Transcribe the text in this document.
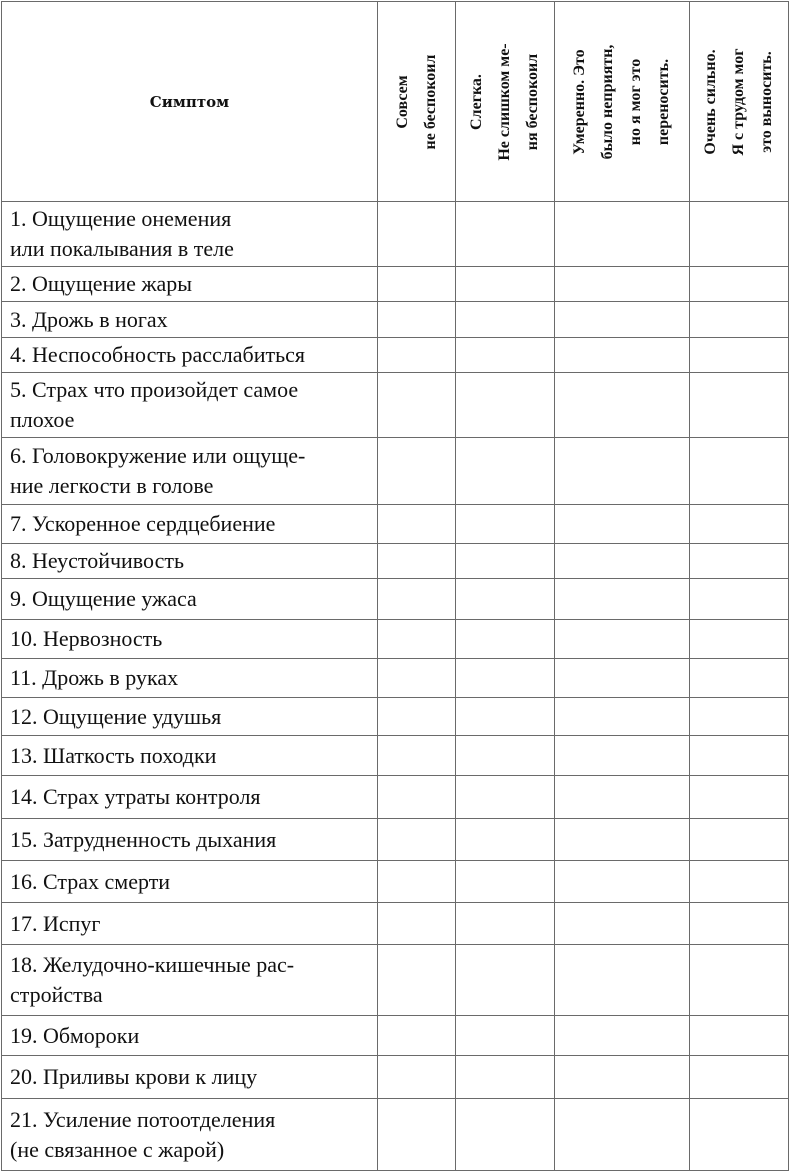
Симптом	Совсем не беспокоил	Слегка. Не слишком ме- ня беспокоил	Умеренно. Это было неприятн, но я мог это переносить.	Очень сильно. Я с трудом мог это выносить.

1. Ощущение онемения
или покалывания в теле				

2. Ощущение жары				

3. Дрожь в ногах				

4. Неспособность расслабиться				

5. Страх что произойдет самое
плохое				

6. Головокружение или ощуще-
ние легкости в голове				

7. Ускоренное сердцебиение				

8. Неустойчивость				

9. Ощущение ужаса				

10. Нервозность				

11. Дрожь в руках				

12. Ощущение удушья				

13. Шаткость походки				

14. Страх утраты контроля				

15. Затрудненность дыхания				

16. Страх смерти				

17. Испуг				

18. Желудочно-кишечные рас-
стройства				

19. Обмороки				

20. Приливы крови к лицу				

21. Усиление потоотделения
(не связанное с жарой)				
